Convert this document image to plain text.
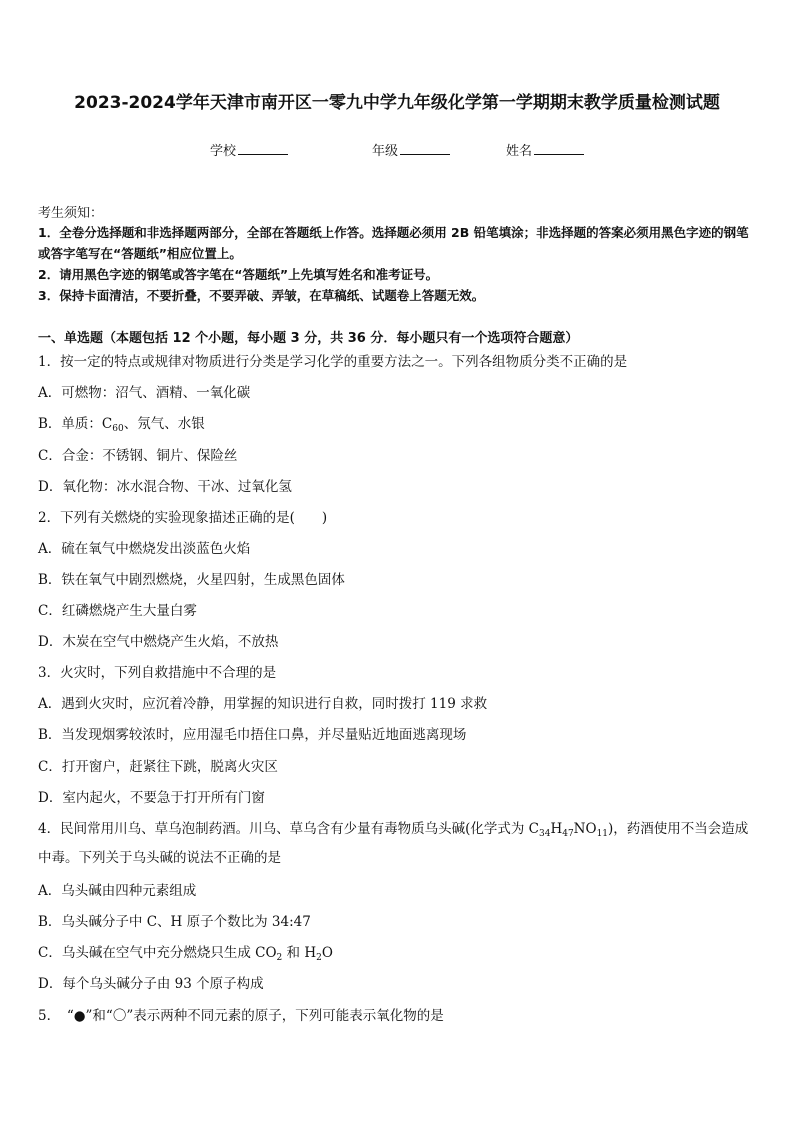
2023-2024学年天津市南开区一零九中学九年级化学第一学期期末教学质量检测试题
学校	年级	姓名
考生须知：
1．全卷分选择题和非选择题两部分，全部在答题纸上作答。选择题必须用 2B 铅笔填涂；非选择题的答案必须用黑色字迹的钢笔或答字笔写在“答题纸”相应位置上。
2．请用黑色字迹的钢笔或答字笔在“答题纸”上先填写姓名和准考证号。
3．保持卡面清洁，不要折叠，不要弄破、弄皱，在草稿纸、试题卷上答题无效。
一、单选题（本题包括 12 个小题，每小题 3 分，共 36 分．每小题只有一个选项符合题意）
1．按一定的特点或规律对物质进行分类是学习化学的重要方法之一。下列各组物质分类不正确的是
A．可燃物：沼气、酒精、一氧化碳
B．单质：$C_{60}$、氖气、水银
C．合金：不锈钢、铜片、保险丝
D．氧化物：冰水混合物、干冰、过氧化氢
2．下列有关燃烧的实验现象描述正确的是(　　)
A．硫在氧气中燃烧发出淡蓝色火焰
B．铁在氧气中剧烈燃烧，火星四射，生成黑色固体
C．红磷燃烧产生大量白雾
D．木炭在空气中燃烧产生火焰，不放热
3．火灾时，下列自救措施中不合理的是
A．遇到火灾时，应沉着冷静，用掌握的知识进行自救，同时拨打 119 求救
B．当发现烟雾较浓时，应用湿毛巾捂住口鼻，并尽量贴近地面逃离现场
C．打开窗户，赶紧往下跳，脱离火灾区
D．室内起火，不要急于打开所有门窗
4．民间常用川乌、草乌泡制药酒。川乌、草乌含有少量有毒物质乌头碱(化学式为 $C_{34}H_{47}NO_{11}$)，药酒使用不当会造成中毒。下列关于乌头碱的说法不正确的是
A．乌头碱由四种元素组成
B．乌头碱分子中 C、H 原子个数比为 34:47
C．乌头碱在空气中充分燃烧只生成 $CO_2$ 和 $H_2O$
D．每个乌头碱分子由 93 个原子构成
5．　“●”和“〇”表示两种不同元素的原子，下列可能表示氧化物的是
